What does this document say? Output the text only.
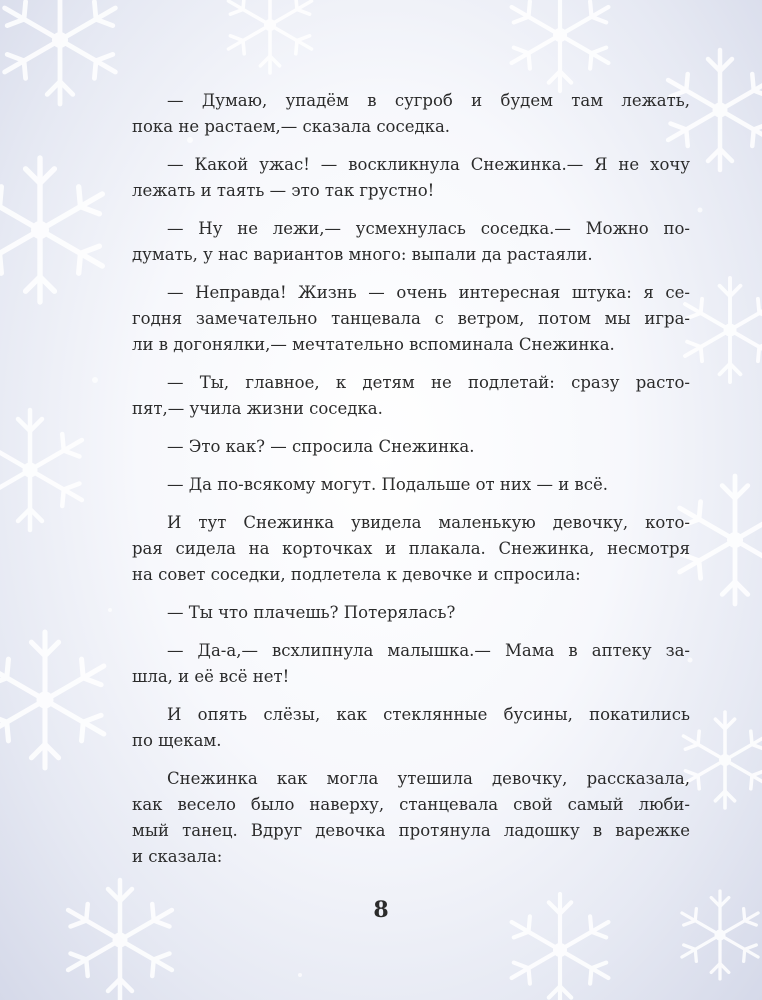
— Думаю, упадём в сугроб и будем там лежать,
пока не растаем,— сказала соседка.

— Какой ужас! — воскликнула Снежинка.— Я не хочу
лежать и таять — это так грустно!

— Ну не лежи,— усмехнулась соседка.— Можно по-
думать, у нас вариантов много: выпали да растаяли.

— Неправда! Жизнь — очень интересная штука: я се-
годня замечательно танцевала с ветром, потом мы игра-
ли в догонялки,— мечтательно вспоминала Снежинка.

— Ты, главное, к детям не подлетай: сразу расто-
пят,— учила жизни соседка.

— Это как? — спросила Снежинка.

— Да по-всякому могут. Подальше от них — и всё.

И тут Снежинка увидела маленькую девочку, кото-
рая сидела на корточках и плакала. Снежинка, несмотря
на совет соседки, подлетела к девочке и спросила:

— Ты что плачешь? Потерялась?

— Да-а,— всхлипнула малышка.— Мама в аптеку за-
шла, и её всё нет!

И опять слёзы, как стеклянные бусины, покатились
по щекам.

Снежинка как могла утешила девочку, рассказала,
как весело было наверху, станцевала свой самый люби-
мый танец. Вдруг девочка протянула ладошку в варежке
и сказала:

8
